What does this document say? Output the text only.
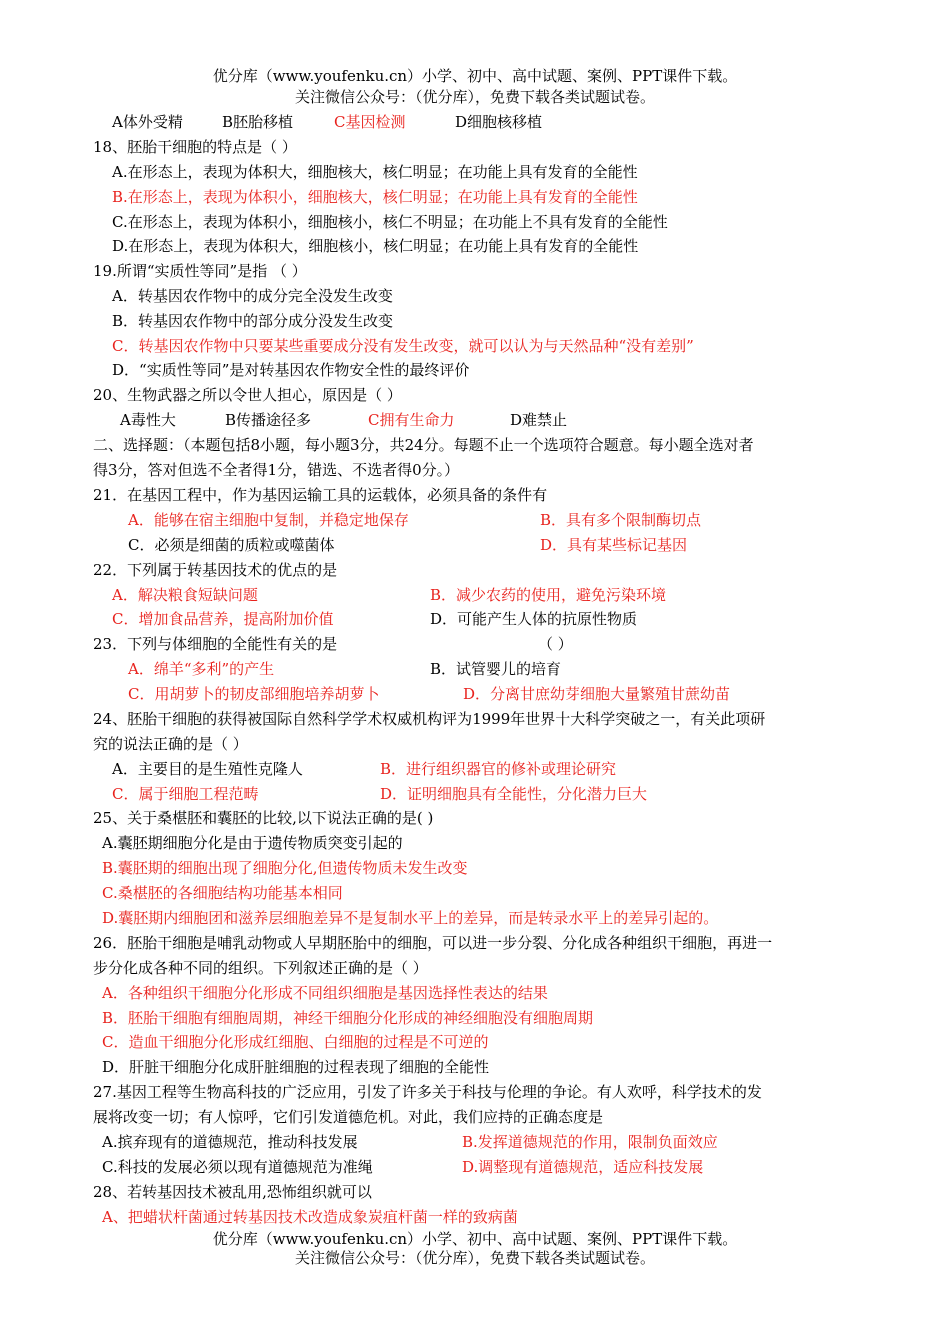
优分库（www.youfenku.cn）小学、初中、高中试题、案例、PPT课件下载。
关注微信公众号：（优分库），免费下载各类试题试卷。
A体外受精	B胚胎移植	C基因检测	D细胞核移植
18、胚胎干细胞的特点是（ ）
A.在形态上，表现为体积大，细胞核大，核仁明显；在功能上具有发育的全能性
B.在形态上，表现为体积小，细胞核大，核仁明显；在功能上具有发育的全能性
C.在形态上，表现为体积小，细胞核小，核仁不明显；在功能上不具有发育的全能性
D.在形态上，表现为体积大，细胞核小，核仁明显；在功能上具有发育的全能性
19.所谓“实质性等同”是指 （ ）
A．转基因农作物中的成分完全没发生改变
B．转基因农作物中的部分成分没发生改变
C．转基因农作物中只要某些重要成分没有发生改变，就可以认为与天然品种“没有差别”
D．“实质性等同”是对转基因农作物安全性的最终评价
20、生物武器之所以令世人担心，原因是（ ）
A毒性大	B传播途径多	C拥有生命力	D难禁止
二、选择题：（本题包括8小题，每小题3分，共24分。每题不止一个选项符合题意。每小题全选对者
得3分，答对但选不全者得1分，错选、不选者得0分。）
21．在基因工程中，作为基因运输工具的运载体，必须具备的条件有
A．能够在宿主细胞中复制，并稳定地保存	B．具有多个限制酶切点
C．必须是细菌的质粒或噬菌体	D．具有某些标记基因
22．下列属于转基因技术的优点的是
A．解决粮食短缺问题	B．减少农药的使用，避免污染环境
C．增加食品营养，提高附加价值	D．可能产生人体的抗原性物质
23．下列与体细胞的全能性有关的是	（ ）
A．绵羊“多利”的产生	B．试管婴儿的培育
C．用胡萝卜的韧皮部细胞培养胡萝卜	D．分离甘庶幼芽细胞大量繁殖甘蔗幼苗
24、胚胎干细胞的获得被国际自然科学学术权威机构评为1999年世界十大科学突破之一，有关此项研
究的说法正确的是（ ）
A．主要目的是生殖性克隆人	B．进行组织器官的修补或理论研究
C．属于细胞工程范畴	D．证明细胞具有全能性，分化潜力巨大
25、关于桑椹胚和囊胚的比较,以下说法正确的是( )
A.囊胚期细胞分化是由于遗传物质突变引起的
B.囊胚期的细胞出现了细胞分化,但遗传物质未发生改变
C.桑椹胚的各细胞结构功能基本相同
D.囊胚期内细胞团和滋养层细胞差异不是复制水平上的差异，而是转录水平上的差异引起的。
26．胚胎干细胞是哺乳动物或人早期胚胎中的细胞，可以进一步分裂、分化成各种组织干细胞，再进一
步分化成各种不同的组织。下列叙述正确的是（ ）
A．各种组织干细胞分化形成不同组织细胞是基因选择性表达的结果
B．胚胎干细胞有细胞周期，神经干细胞分化形成的神经细胞没有细胞周期
C．造血干细胞分化形成红细胞、白细胞的过程是不可逆的
D．肝脏干细胞分化成肝脏细胞的过程表现了细胞的全能性
27.基因工程等生物高科技的广泛应用，引发了许多关于科技与伦理的争论。有人欢呼，科学技术的发
展将改变一切；有人惊呼，它们引发道德危机。对此，我们应持的正确态度是
A.摈弃现有的道德规范，推动科技发展	B.发挥道德规范的作用，限制负面效应
C.科技的发展必须以现有道德规范为准绳	D.调整现有道德规范，适应科技发展
28、若转基因技术被乱用,恐怖组织就可以
A、把蜡状杆菌通过转基因技术改造成象炭疽杆菌一样的致病菌
优分库（www.youfenku.cn）小学、初中、高中试题、案例、PPT课件下载。
关注微信公众号：（优分库），免费下载各类试题试卷。
